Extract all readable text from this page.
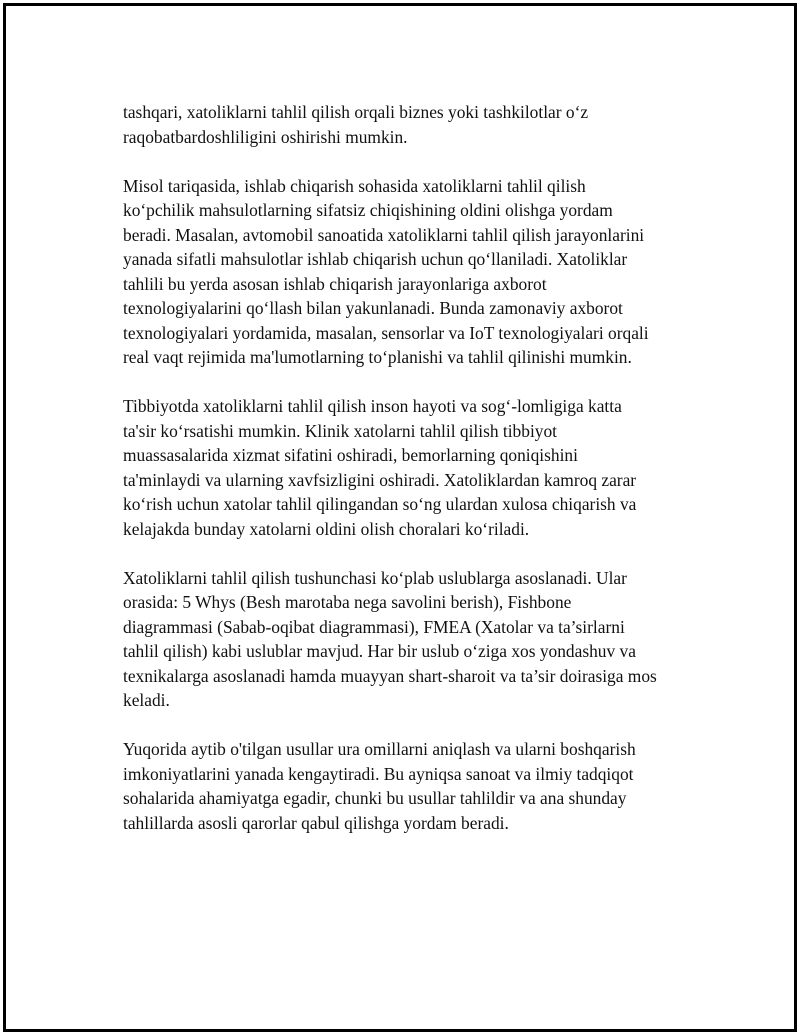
tashqari, xatoliklarni tahlil qilish orqali biznes yoki tashkilotlar o‘z
raqobatbardoshliligini oshirishi mumkin.

Misol tariqasida, ishlab chiqarish sohasida xatoliklarni tahlil qilish
ko‘pchilik mahsulotlarning sifatsiz chiqishining oldini olishga yordam
beradi. Masalan, avtomobil sanoatida xatoliklarni tahlil qilish jarayonlarini
yanada sifatli mahsulotlar ishlab chiqarish uchun qo‘llaniladi. Xatoliklar
tahlili bu yerda asosan ishlab chiqarish jarayonlariga axborot
texnologiyalarini qo‘llash bilan yakunlanadi. Bunda zamonaviy axborot
texnologiyalari yordamida, masalan, sensorlar va IoT texnologiyalari orqali
real vaqt rejimida ma'lumotlarning to‘planishi va tahlil qilinishi mumkin.

Tibbiyotda xatoliklarni tahlil qilish inson hayoti va sog‘-lomligiga katta
ta'sir ko‘rsatishi mumkin. Klinik xatolarni tahlil qilish tibbiyot
muassasalarida xizmat sifatini oshiradi, bemorlarning qoniqishini
ta'minlaydi va ularning xavfsizligini oshiradi. Xatoliklardan kamroq zarar
ko‘rish uchun xatolar tahlil qilingandan so‘ng ulardan xulosa chiqarish va
kelajakda bunday xatolarni oldini olish choralari ko‘riladi.

Xatoliklarni tahlil qilish tushunchasi ko‘plab uslublarga asoslanadi. Ular
orasida: 5 Whys (Besh marotaba nega savolini berish), Fishbone
diagrammasi (Sabab-oqibat diagrammasi), FMEA (Xatolar va ta’sirlarni
tahlil qilish) kabi uslublar mavjud. Har bir uslub o‘ziga xos yondashuv va
texnikalarga asoslanadi hamda muayyan shart-sharoit va ta’sir doirasiga mos
keladi.

Yuqorida aytib o'tilgan usullar ura omillarni aniqlash va ularni boshqarish
imkoniyatlarini yanada kengaytiradi. Bu ayniqsa sanoat va ilmiy tadqiqot
sohalarida ahamiyatga egadir, chunki bu usullar tahlildir va ana shunday
tahlillarda asosli qarorlar qabul qilishga yordam beradi.
